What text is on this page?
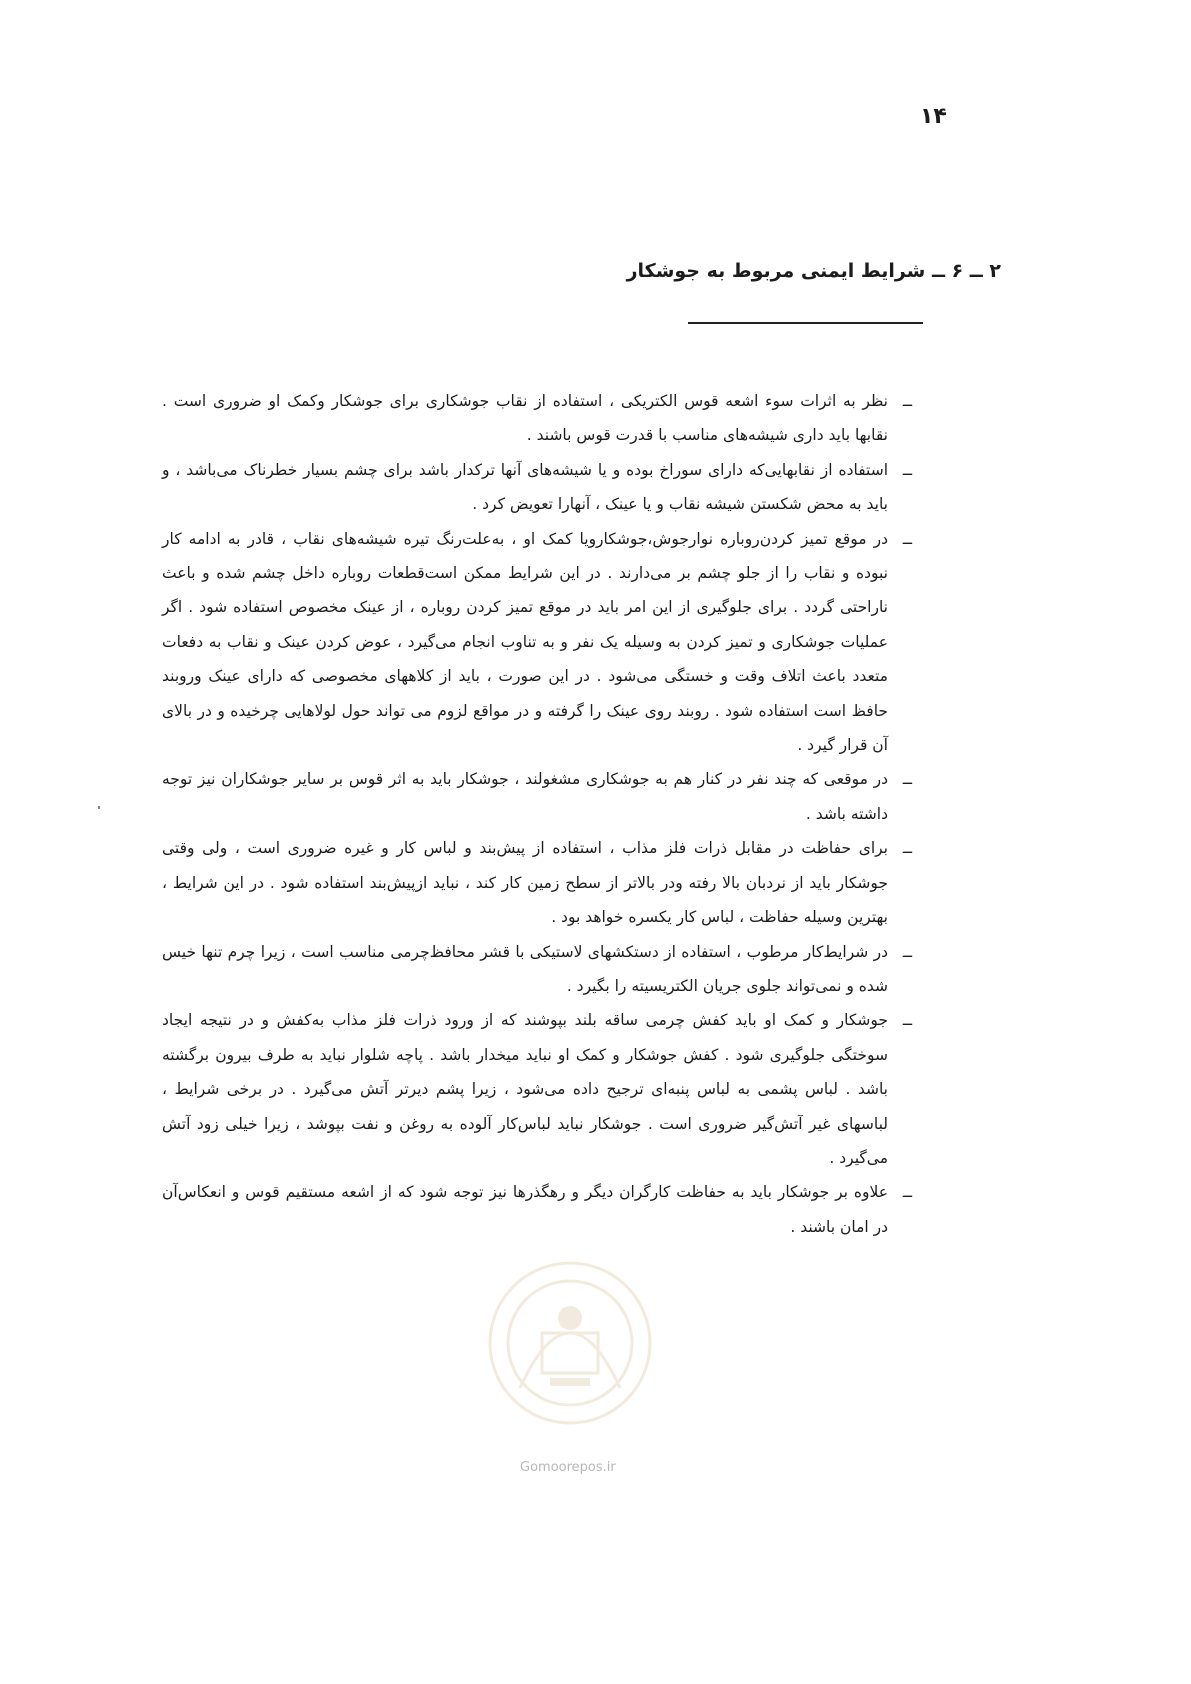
۱۴
۲ ــ ۶ ــ شرایط ایمنی مربوط به جوشکار

ــنظر به اثرات سوء اشعه قوس الکتریکی ، استفاده از نقاب جوشکاری برای جوشکار وکمک او ضروری است . نقابها باید داری شیشه‌های مناسب با قدرت قوس باشند .

ــاستفاده از نقابهایی‌که دارای سوراخ بوده و یا شیشه‌های آنها ترکدار باشد برای چشم بسیار خطرناک می‌باشد ، و باید به محض شکستن شیشه نقاب و یا عینک ، آنهارا تعویض کرد .

ــدر موقع تمیز کردن‌روباره نوارجوش،جوشکارویا کمک او ، به‌علت‌رنگ تیره شیشه‌های نقاب ، قادر به ادامه کار نبوده و نقاب را از جلو چشم بر می‌دارند . در این شرایط ممکن است‌قطعات روباره داخل چشم شده و باعث ناراحتی گردد . برای جلوگیری از این امر باید در موقع تمیز کردن روباره ، از عینک مخصوص استفاده شود . اگر عملیات جوشکاری و تمیز کردن به وسیله یک نفر و به تناوب انجام می‌گیرد ، عوض کردن عینک و نقاب به دفعات متعدد باعث اتلاف وقت و خستگی می‌شود . در این صورت ، باید از کلاههای مخصوصی که دارای عینک وروبند حافظ است استفاده شود . روبند روی عینک را گرفته و در مواقع لزوم می تواند حول لولاهایی چرخیده و در بالای آن قرار گیرد .

ــدر موقعی که چند نفر در کنار هم به جوشکاری مشغولند ، جوشکار باید به اثر قوس بر سایر جوشکاران نیز توجه داشته باشد .

ــبرای حفاظت در مقابل ذرات فلز مذاب ، استفاده از پیش‌بند و لباس کار و غیره ضروری است ، ولی وقتی جوشکار باید از نردبان بالا رفته ودر بالاتر از سطح زمین کار کند ، نباید ازپیش‌بند استفاده شود . در این شرایط ، بهترین وسیله حفاظت ، لباس کار یکسره خواهد بود .

ــدر شرایط‌کار مرطوب ، استفاده از دستکشهای لاستیکی با قشر محافظ‌چرمی مناسب است ، زیرا چرم تنها خیس شده و نمی‌تواند جلوی جریان الکتریسیته را بگیرد .

ــجوشکار و کمک او باید کفش چرمی ساقه بلند بپوشند که از ورود ذرات فلز مذاب به‌کفش و در نتیجه ایجاد سوختگی جلوگیری شود . کفش جوشکار و کمک او نباید میخدار باشد . پاچه شلوار نباید به طرف بیرون برگشته باشد . لباس پشمی به لباس پنبه‌ای ترجیح داده می‌شود ، زیرا پشم دیرتر آتش می‌گیرد . در برخی شرایط ، لباسهای غیر آتش‌گیر ضروری است . جوشکار نباید لباس‌کار آلوده به روغن و نفت بپوشد ، زیرا خیلی زود آتش می‌گیرد .

ــعلاوه بر جوشکار باید به حفاظت کارگران دیگر و رهگذرها نیز توجه شود که از اشعه مستقیم قوس و انعکاس‌آن در امان باشند .

Gomoorepos.ir
